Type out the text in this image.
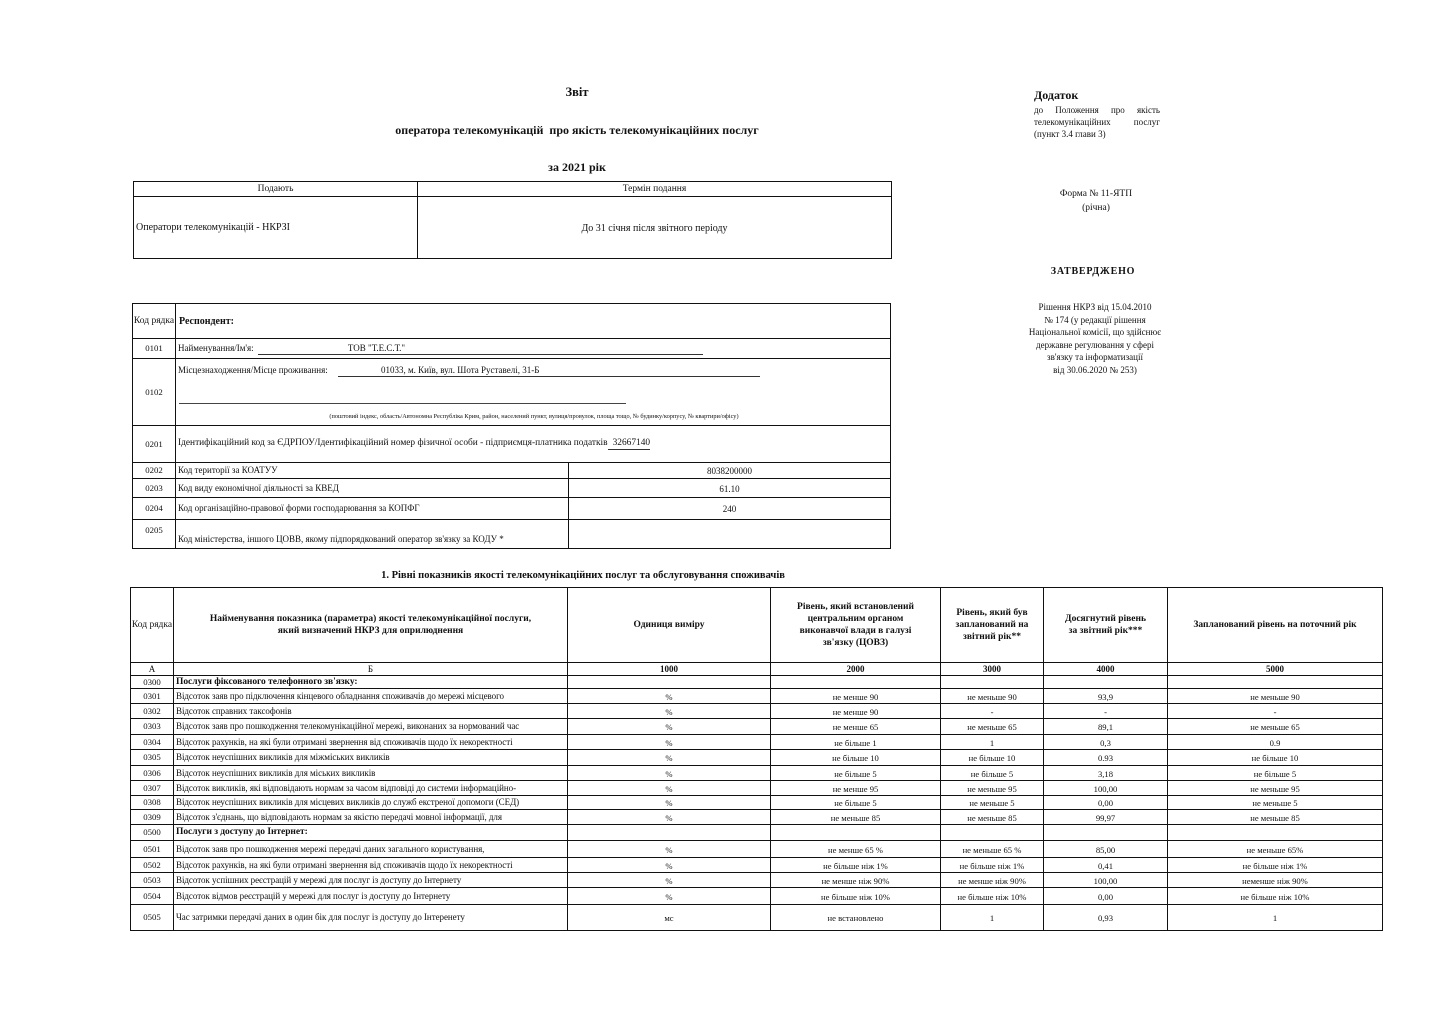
Звіт
оператора телекомунікацій  про якість телекомунікаційних послуг
за 2021 рік
Подають	Термін подання
Оператори телекомунікацій - НКРЗІ	До 31 січня після звітного періоду
Додаток
до Положення про якість
телекомунікаційних послуг
(пункт 3.4 глави 3)
Форма № 11-ЯТП
(річна)
ЗАТВЕРДЖЕНО
Рішення НКРЗ від 15.04.2010
№ 174 (у редакції рішення
Національної комісії, що здійснює
державне регулювання у сфері
зв'язку та інформатизації
від 30.06.2020 № 253)
Код рядка	Респондент:	
0101	Найменування/Ім'я: ТОВ "Т.Е.С.Т."	
0102	Місцезнаходження/Місце проживання: 01033, м. Київ, вул. Шота Руставелі, 31-Б
(поштовий індекс, область/Автономна Республіка Крим, район, населений пункт, вулиця/провулок, площа тощо, № будинку/корпусу, № квартири/офісу)	

0201	Ідентифікаційний код за ЄДРПОУ/Ідентифікаційний номер фізичної особи - підприємця-платника податків 32667140	
0202	Код території за КОАТУУ	8038200000
0203	Код виду економічної діяльності за КВЕД	61.10
0204	Код організаційно-правової форми господарювання за КОПФГ	240
0205	Код міністерства, іншого ЦОВВ, якому підпорядкований оператор зв'язку за КОДУ *	
1. Рівні показників якості телекомунікаційних послуг та обслуговування споживачів
Код рядка	Найменування показника (параметра) якості телекомунікаційної послуги, який визначений НКРЗ для оприлюднення	Одиниця виміру	Рівень, який встановлений центральним органом виконавчої влади в галузі зв'язку (ЦОВЗ)	Рівень, який був запланований на звітний рік**	Досягнутий рівень за звітний рік***	Запланований рівень на поточний рік
А	Б	1000	2000	3000	4000	5000
0300	Послуги фіксованого телефонного зв'язку:					
0301	Відсоток заяв про підключення кінцевого обладнання споживачів до мережі місцевого	%	не менше 90	не меньше 90	93,9	не меньше 90
0302	Відсоток справних таксофонів	%	не менше 90	-	-	-
0303	Відсоток заяв про пошкодження телекомунікаційної мережі, виконаних за нормований час	%	не менше 65	не меньше 65	89,1	не меньше 65
0304	Відсоток рахунків, на які були отримані звернення від споживачів щодо їх некоректності	%	не більше 1	1	0,3	0.9
0305	Відсоток неуспішних викликів для міжміських викликів	%	не більше 10	не більше 10	0.93	не більше 10
0306	Відсоток неуспішних викликів для міських викликів	%	не більше 5	не більше 5	3,18	не більше 5
0307	Відсоток викликів, які відповідають нормам за часом відповіді до системи інформаційно-	%	не менше 95	не меньше 95	100,00	не меньше 95
0308	Відсоток неуспішних викликів для місцевих викликів до служб екстреної допомоги (СЕД)	%	не більше 5	не меньше 5	0,00	не меньше 5
0309	Відсоток з'єднань, що відповідають нормам за якістю передачі мовної інформації, для	%	не меньше 85	не меньше 85	99,97	не меньше 85
0500	Послуги з доступу до Інтернет:					
0501	Відсоток заяв про пошкодження мережі передачі даних загального користування,	%	не менше 65 %	не меньше 65 %	85,00	не меньше 65%
0502	Відсоток рахунків, на які були отримані звернення від споживачів щодо їх некоректності	%	не більше ніж 1%	не більше ніж 1%	0,41	не більше ніж 1%
0503	Відсоток успішних реєстрацій у мережі для послуг із доступу до Інтернету	%	не менше ніж 90%	не менше ніж 90%	100,00	неменше ніж 90%
0504	Відсоток відмов реєстрацій у мережі для послуг із доступу до Інтернету	%	не більше ніж 10%	не більше ніж 10%	0,00	не більше ніж 10%
0505	Час затримки передачі даних в один бік для послуг із доступу до Інтеренету	мс	не встановлено	1	0,93	1
